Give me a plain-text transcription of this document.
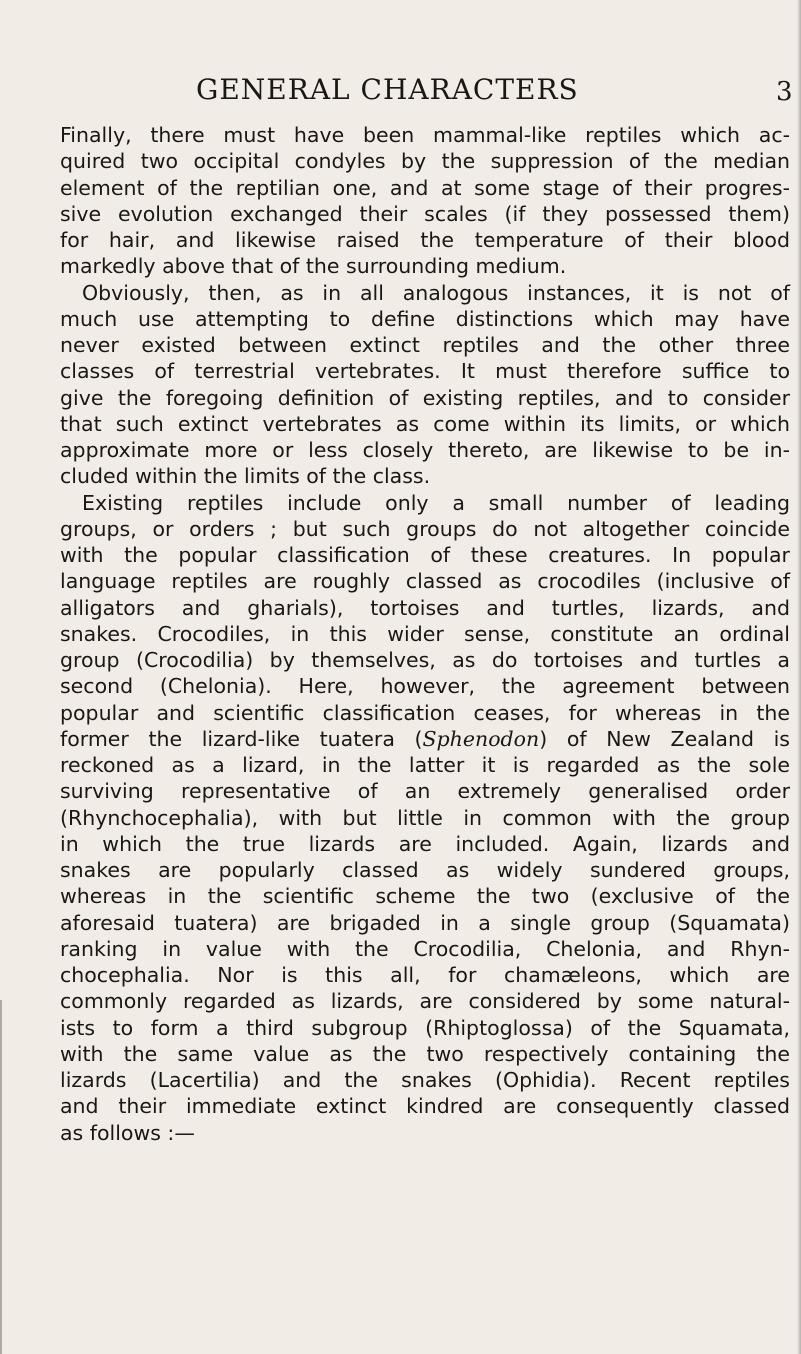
GENERAL CHARACTERS	3
Finally, there must have been mammal-like reptiles which ac-
quired two occipital condyles by the suppression of the median
element of the reptilian one, and at some stage of their progres-
sive evolution exchanged their scales (if they possessed them)
for hair, and likewise raised the temperature of their blood
markedly above that of the surrounding medium.
Obviously, then, as in all analogous instances, it is not of
much use attempting to define distinctions which may have
never existed between extinct reptiles and the other three
classes of terrestrial vertebrates. It must therefore suffice to
give the foregoing definition of existing reptiles, and to consider
that such extinct vertebrates as come within its limits, or which
approximate more or less closely thereto, are likewise to be in-
cluded within the limits of the class.
Existing reptiles include only a small number of leading
groups, or orders ; but such groups do not altogether coincide
with the popular classification of these creatures. In popular
language reptiles are roughly classed as crocodiles (inclusive of
alligators and gharials), tortoises and turtles, lizards, and
snakes. Crocodiles, in this wider sense, constitute an ordinal
group (Crocodilia) by themselves, as do tortoises and turtles a
second (Chelonia). Here, however, the agreement between
popular and scientific classification ceases, for whereas in the
former the lizard-like tuatera (Sphenodon) of New Zealand is
reckoned as a lizard, in the latter it is regarded as the sole
surviving representative of an extremely generalised order
(Rhynchocephalia), with but little in common with the group
in which the true lizards are included. Again, lizards and
snakes are popularly classed as widely sundered groups,
whereas in the scientific scheme the two (exclusive of the
aforesaid tuatera) are brigaded in a single group (Squamata)
ranking in value with the Crocodilia, Chelonia, and Rhyn-
chocephalia. Nor is this all, for chamæleons, which are
commonly regarded as lizards, are considered by some natural-
ists to form a third subgroup (Rhiptoglossa) of the Squamata,
with the same value as the two respectively containing the
lizards (Lacertilia) and the snakes (Ophidia). Recent reptiles
and their immediate extinct kindred are consequently classed
as follows :—
